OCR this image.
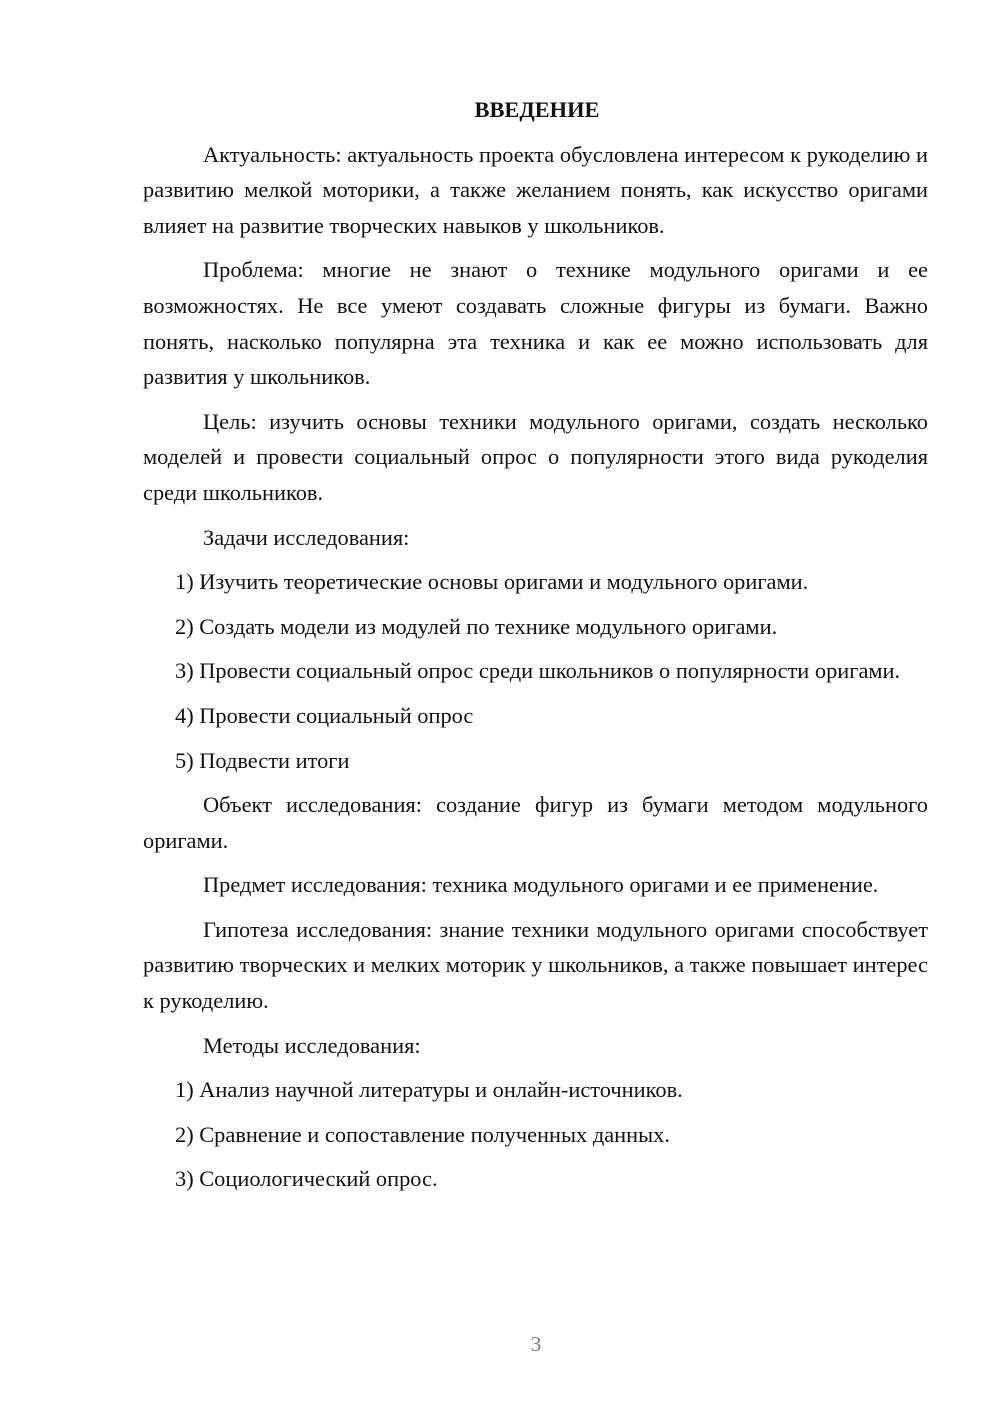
ВВЕДЕНИЕ
Актуальность: актуальность проекта обусловлена интересом к рукоделию и развитию мелкой моторики, а также желанием понять, как искусство оригами влияет на развитие творческих навыков у школьников.
Проблема: многие не знают о технике модульного оригами и ее возможностях. Не все умеют создавать сложные фигуры из бумаги. Важно понять, насколько популярна эта техника и как ее можно использовать для развития у школьников.
Цель: изучить основы техники модульного оригами, создать несколько моделей и провести социальный опрос о популярности этого вида рукоделия среди школьников.
Задачи исследования:
1) Изучить теоретические основы оригами и модульного оригами.
2) Создать модели из модулей по технике модульного оригами.
3) Провести социальный опрос среди школьников о популярности оригами.
4) Провести социальный опрос
5) Подвести итоги
Объект исследования: создание фигур из бумаги методом модульного оригами.
Предмет исследования: техника модульного оригами и ее применение.
Гипотеза исследования: знание техники модульного оригами способствует развитию творческих и мелких моторик у школьников, а также повышает интерес к рукоделию.
Методы исследования:
1) Анализ научной литературы и онлайн-источников.
2) Сравнение и сопоставление полученных данных.
3) Социологический опрос.
3
